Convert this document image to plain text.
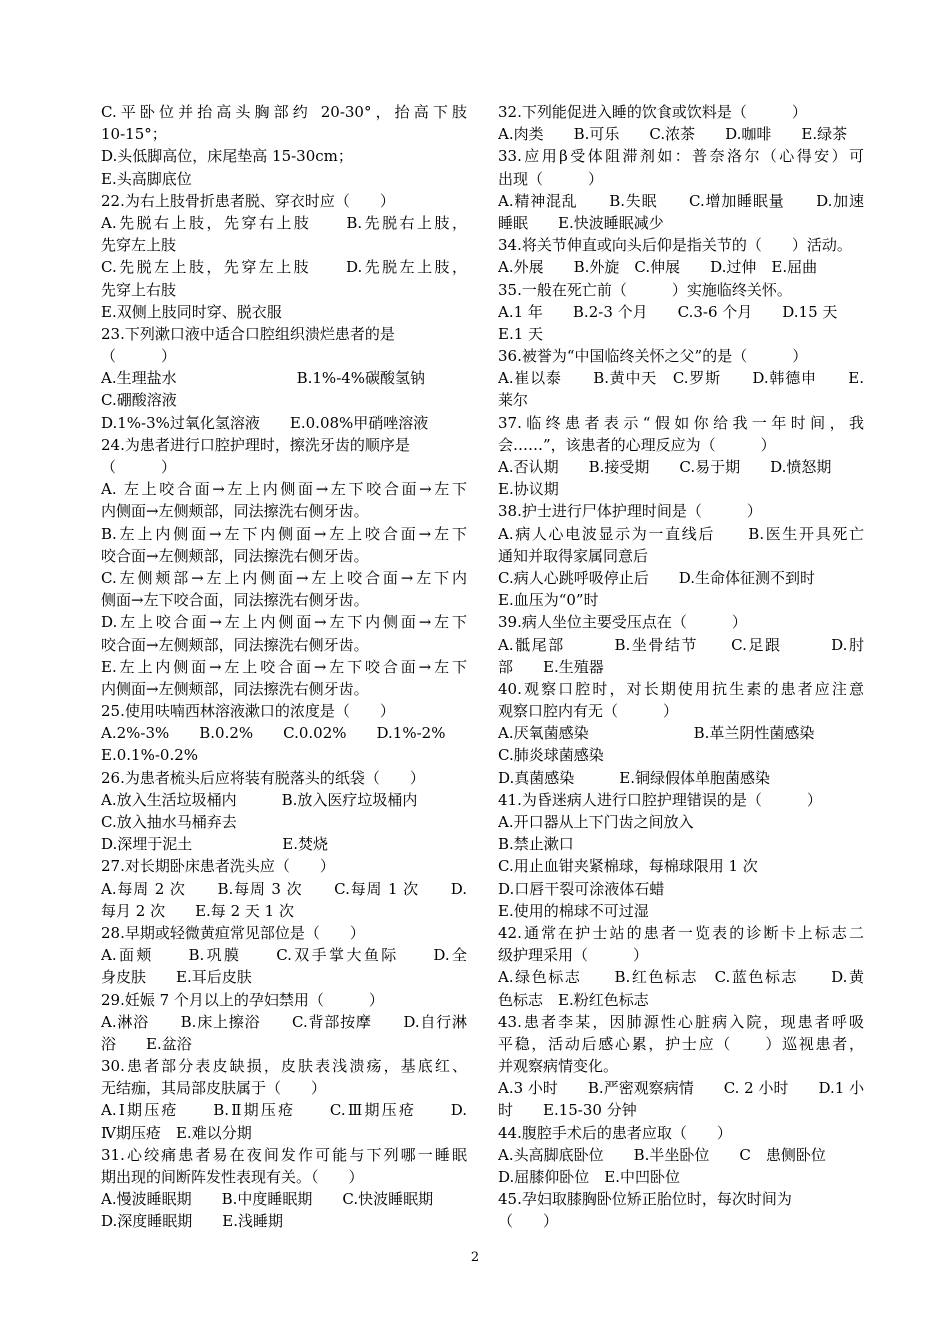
C.平卧位并抬高头胸部约 20-30°，抬高下肢
10-15°；
D.头低脚高位，床尾垫高 15-30cm；
E.头高脚底位
22.为右上肢骨折患者脱、穿衣时应（　　）
A.先脱右上肢，先穿右上肢　　B.先脱右上肢，
先穿左上肢
C.先脱左上肢，先穿左上肢　　D.先脱左上肢，
先穿上右肢
E.双侧上肢同时穿、脱衣服
23.下列漱口液中适合口腔组织溃烂患者的是
（　　　）
A.生理盐水　　　　　　　　B.1%-4%碳酸氢钠
C.硼酸溶液
D.1%-3%过氧化氢溶液　　E.0.08%甲硝唑溶液
24.为患者进行口腔护理时，擦洗牙齿的顺序是
（　　　）
A. 左上咬合面→左上内侧面→左下咬合面→左下
内侧面→左侧颊部，同法擦洗右侧牙齿。
B.左上内侧面→左下内侧面→左上咬合面→左下
咬合面→左侧颊部，同法擦洗右侧牙齿。
C.左侧颊部→左上内侧面→左上咬合面→左下内
侧面→左下咬合面，同法擦洗右侧牙齿。
D.左上咬合面→左上内侧面→左下内侧面→左下
咬合面→左侧颊部，同法擦洗右侧牙齿。
E.左上内侧面→左上咬合面→左下咬合面→左下
内侧面→左侧颊部，同法擦洗右侧牙齿。
25.使用呋喃西林溶液漱口的浓度是（　　）
A.2%-3%　　B.0.2%　　C.0.02%　　D.1%-2%
E.0.1%-0.2%
26.为患者梳头后应将装有脱落头的纸袋（　　）
A.放入生活垃圾桶内　　　B.放入医疗垃圾桶内
C.放入抽水马桶弃去
D.深埋于泥土　　　　　　E.焚烧
27.对长期卧床患者洗头应（　　）
A.每周 2 次　　B.每周 3 次　　C.每周 1 次　　D.
每月 2 次　　E.每 2 天 1 次
28.早期或轻微黄疸常见部位是（　　）
A.面颊　　B.巩膜　　C.双手掌大鱼际　　D.全
身皮肤　　E.耳后皮肤
29.妊娠 7 个月以上的孕妇禁用（　　　）
A.淋浴　　B.床上擦浴　　C.背部按摩　　D.自行淋
浴　　E.盆浴
30.患者部分表皮缺损，皮肤表浅溃疡，基底红、
无结痂，其局部皮肤属于（　　）
A.Ⅰ期压疮　　B.Ⅱ期压疮　　C.Ⅲ期压疮　　D.
Ⅳ期压疮　E.难以分期
31.心绞痛患者易在夜间发作可能与下列哪一睡眠
期出现的间断阵发性表现有关。（　　）
A.慢波睡眠期　　B.中度睡眠期　　C.快波睡眠期
D.深度睡眠期　　E.浅睡期
32.下列能促进入睡的饮食或饮料是（　　　）
A.肉类　　B.可乐　　C.浓茶　　D.咖啡　　E.绿茶
33.应用β受体阻滞剂如：普奈洛尔（心得安）可
出现（　　　）
A.精神混乱　　B.失眠　　C.增加睡眠量　　D.加速
睡眠　　E.快波睡眠减少
34.将关节伸直或向头后仰是指关节的（　　）活动。
A.外展　　B.外旋　C.伸展　　D.过伸　E.屈曲
35.一般在死亡前（　　　）实施临终关怀。
A.1 年　　B.2-3 个月　　C.3-6 个月　　D.15 天
E.1 天
36.被誉为“中国临终关怀之父”的是（　　　）
A.崔以泰　　B.黄中天　C.罗斯　　D.韩德申　　E.
莱尔
37.临终患者表示“假如你给我一年时间，我
会……”，该患者的心理反应为（　　　）
A.否认期　　B.接受期　　C.易于期　　D.愤怒期
E.协议期
38.护士进行尸体护理时间是（　　　）
A.病人心电波显示为一直线后　　B.医生开具死亡
通知并取得家属同意后
C.病人心跳呼吸停止后　　D.生命体征测不到时
E.血压为“0”时
39.病人坐位主要受压点在（　　　）
A.骶尾部　　　B.坐骨结节　　C.足跟　　　D.肘
部　　E.生殖器
40.观察口腔时，对长期使用抗生素的患者应注意
观察口腔内有无（　　　）
A.厌氧菌感染　　　　　　　B.革兰阴性菌感染
C.肺炎球菌感染
D.真菌感染　　　E.铜绿假体单胞菌感染
41.为昏迷病人进行口腔护理错误的是（　　　）
A.开口器从上下门齿之间放入
B.禁止漱口
C.用止血钳夹紧棉球，每棉球限用 1 次
D.口唇干裂可涂液体石蜡
E.使用的棉球不可过湿
42.通常在护士站的患者一览表的诊断卡上标志二
级护理采用（　　　）
A.绿色标志　　B.红色标志　C.蓝色标志　　D.黄
色标志　E.粉红色标志
43.患者李某，因肺源性心脏病入院，现患者呼吸
平稳，活动后感心累，护士应（　　）巡视患者，
并观察病情变化。
A.3 小时　　B.严密观察病情　　C. 2 小时　　D.1 小
时　　E.15-30 分钟
44.腹腔手术后的患者应取（　　）
A.头高脚底卧位　　B.半坐卧位　　C　患侧卧位
D.屈膝仰卧位　E.中凹卧位
45.孕妇取膝胸卧位矫正胎位时，每次时间为
（　　）
2
